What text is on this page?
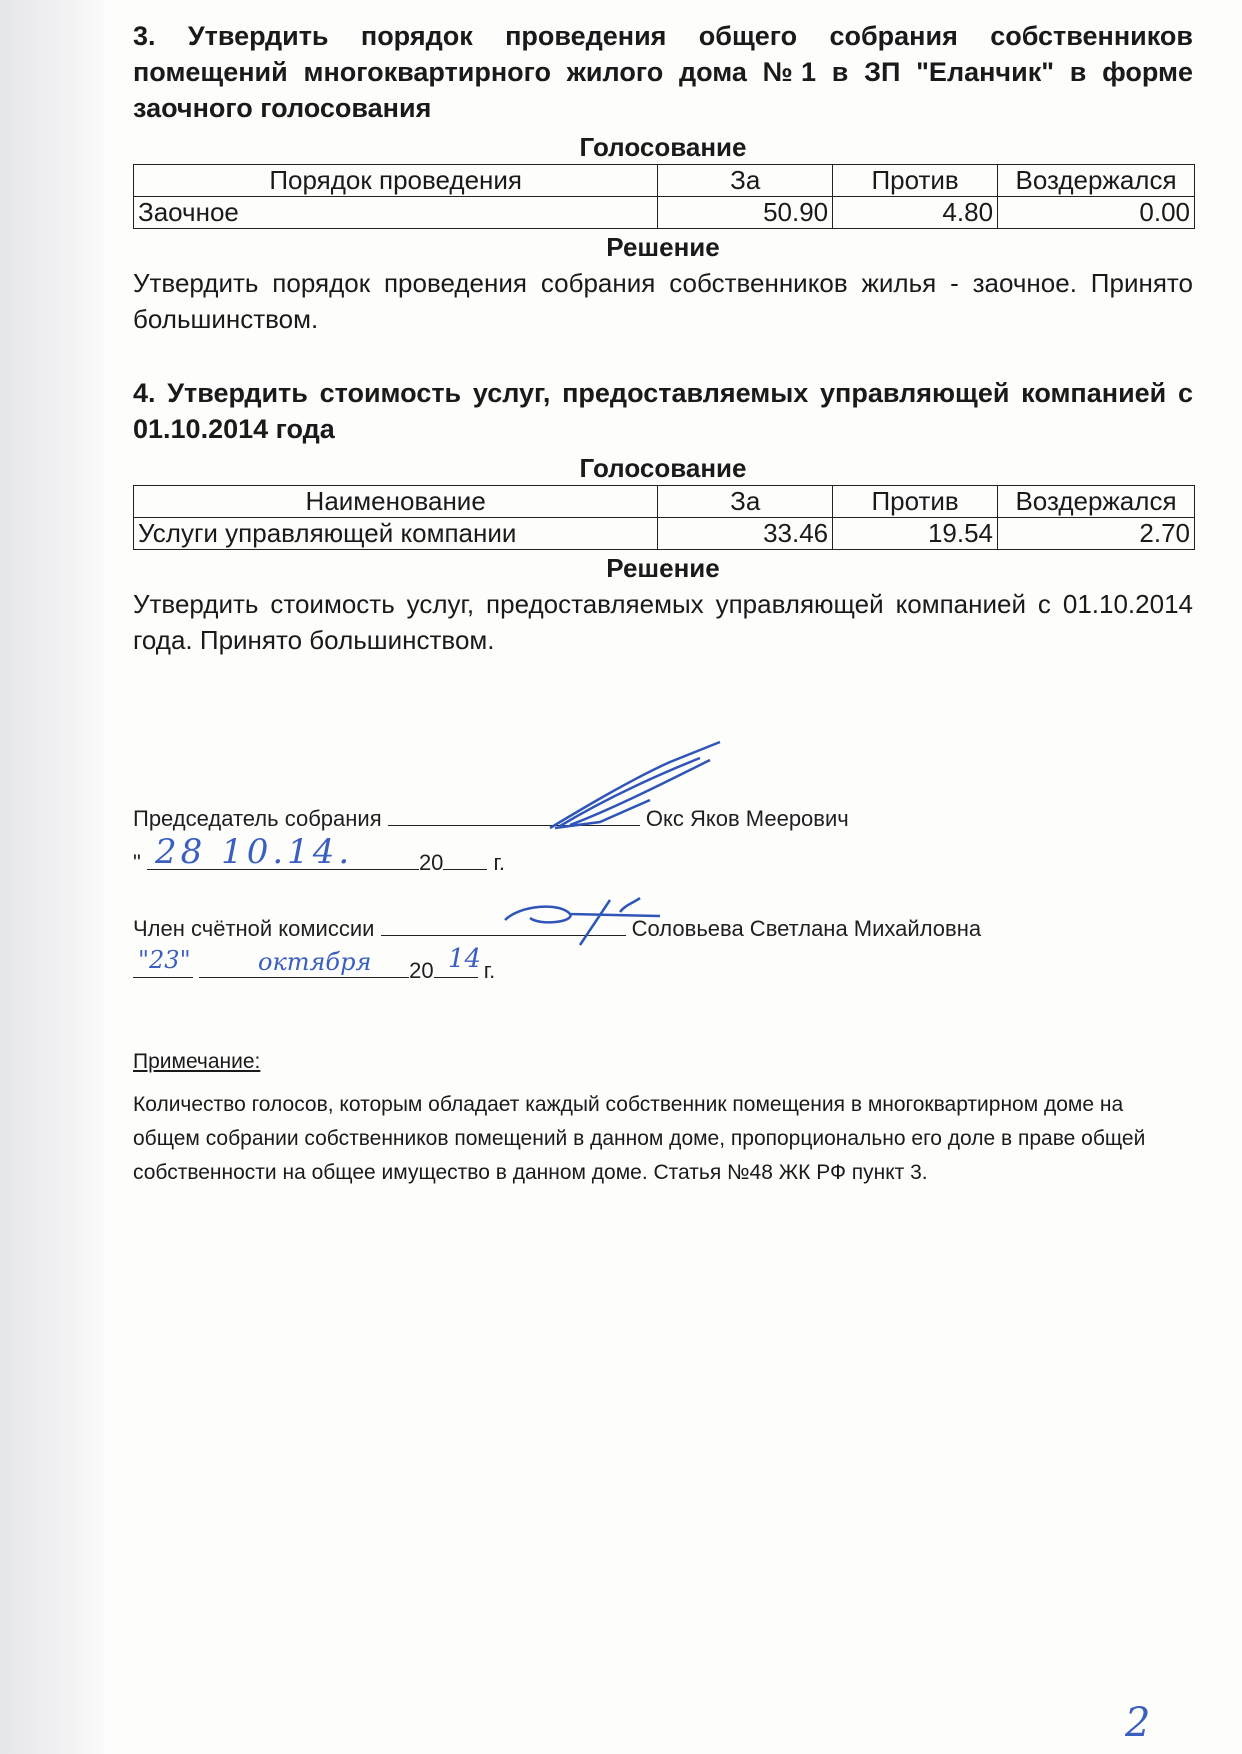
3. Утвердить порядок проведения общего собрания собственников помещений многоквартирного жилого дома №1 в ЗП "Еланчик" в форме заочного голосования

Голосование

Порядок проведения	За	Против	Воздержался
Заочное	50.90	4.80	0.00

Решение

Утвердить порядок проведения собрания собственников жилья - заочное. Принято большинством.

4. Утвердить стоимость услуг, предоставляемых управляющей компанией с 01.10.2014 года

Голосование

Наименование	За	Против	Воздержался
Услуги управляющей компании	33.46	19.54	2.70

Решение

Утвердить стоимость услуг, предоставляемых управляющей компанией с 01.10.2014 года. Принято большинством.

Председатель собрания	Окс Яков Меерович
"	20 г.
28 10.14.
Член счётной комиссии	Соловьева Светлана Михайловна
20 г.
"23"	октября	14
Примечание:
Количество голосов, которым обладает каждый собственник помещения в многоквартирном доме на общем собрании собственников помещений в данном доме, пропорционально его доле в праве общей собственности на общее имущество в данном доме. Статья №48 ЖК РФ пункт 3.
2
